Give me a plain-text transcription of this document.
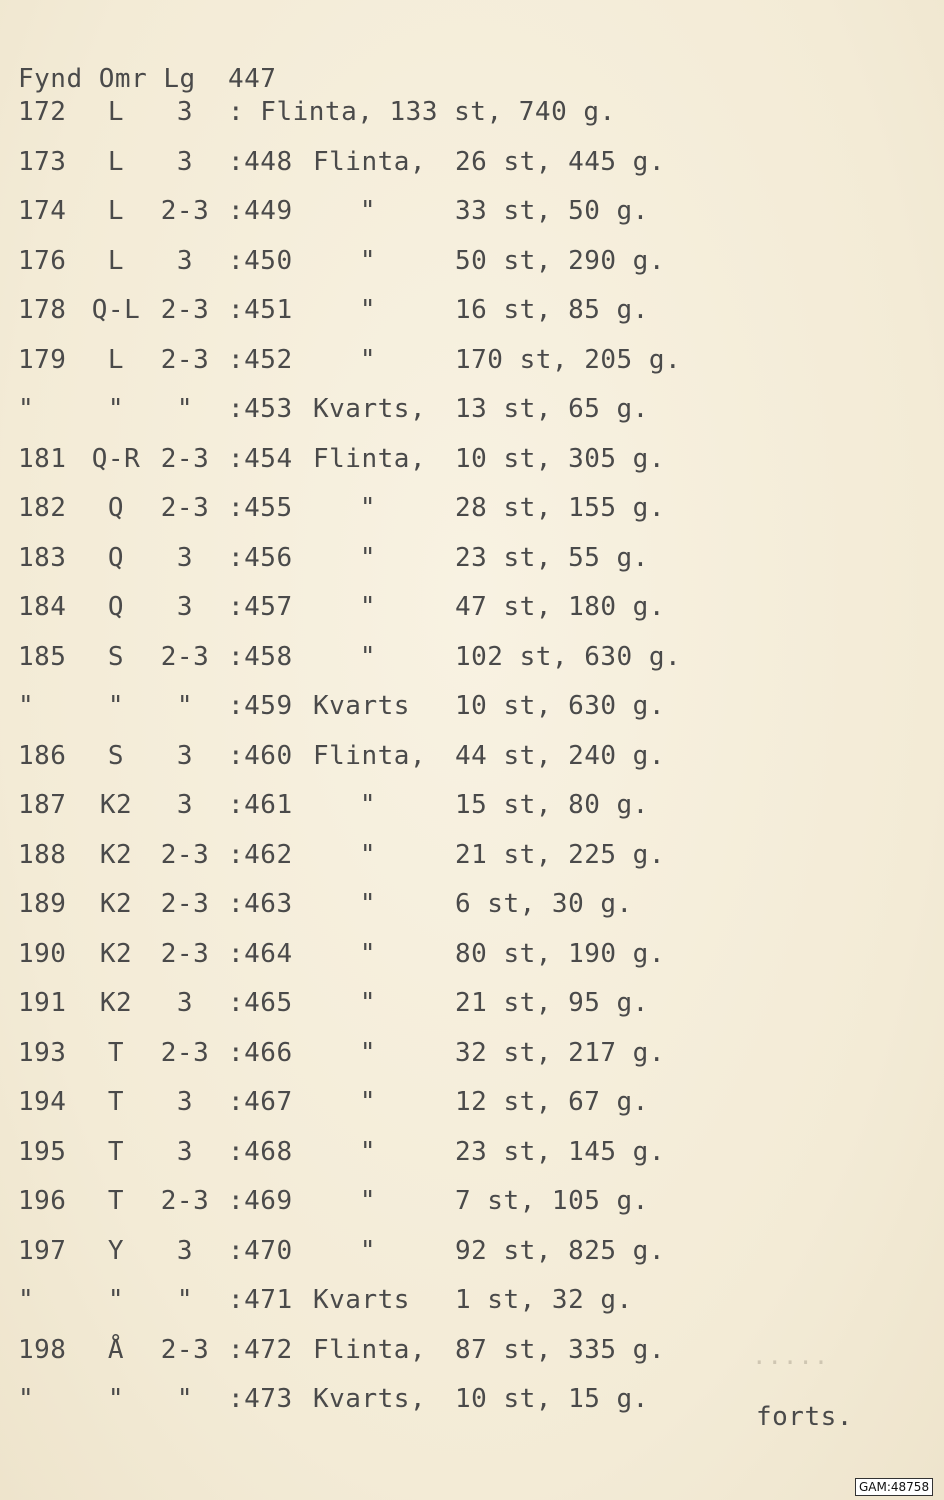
Fynd Omr Lg  447
172	L	3	: Flinta, 133 st, 740 g.
173	L	3	:448 Flinta,	26 st, 445 g.
174	L	2-3 :449	"	33 st, 50 g.
176	L	3	:450	"	50 st, 290 g.
178 Q-L 2-3 :451	"	16 st, 85 g.
179	L	2-3 :452	"	170 st, 205 g.
"	"	"	:453 Kvarts,	13 st, 65 g.
181 Q-R 2-3 :454 Flinta,	10 st, 305 g.
182	Q	2-3 :455	"	28 st, 155 g.
183	Q	3	:456	"	23 st, 55 g.
184	Q	3	:457	"	47 st, 180 g.
185	S	2-3 :458	"	102 st, 630 g.
"	"	"	:459 Kvarts	10 st, 630 g.
186	S	3	:460 Flinta,	44 st, 240 g.
187	K2	3	:461	"	15 st, 80 g.
188	K2	2-3 :462	"	21 st, 225 g.
189	K2	2-3 :463	"	6 st, 30 g.
190	K2	2-3 :464	"	80 st, 190 g.
191	K2	3	:465	"	21 st, 95 g.
193	T	2-3 :466	"	32 st, 217 g.
194	T	3	:467	"	12 st, 67 g.
195	T	3	:468	"	23 st, 145 g.
196	T	2-3 :469	"	7 st, 105 g.
197	Y	3	:470	"	92 st, 825 g.
"	"	"	:471 Kvarts	1 st, 32 g.
198	Å	2-3 :472 Flinta,	87 st, 335 g.
"	"	"	:473 Kvarts,	10 st, 15 g.
.....
forts.
GAM:48758
